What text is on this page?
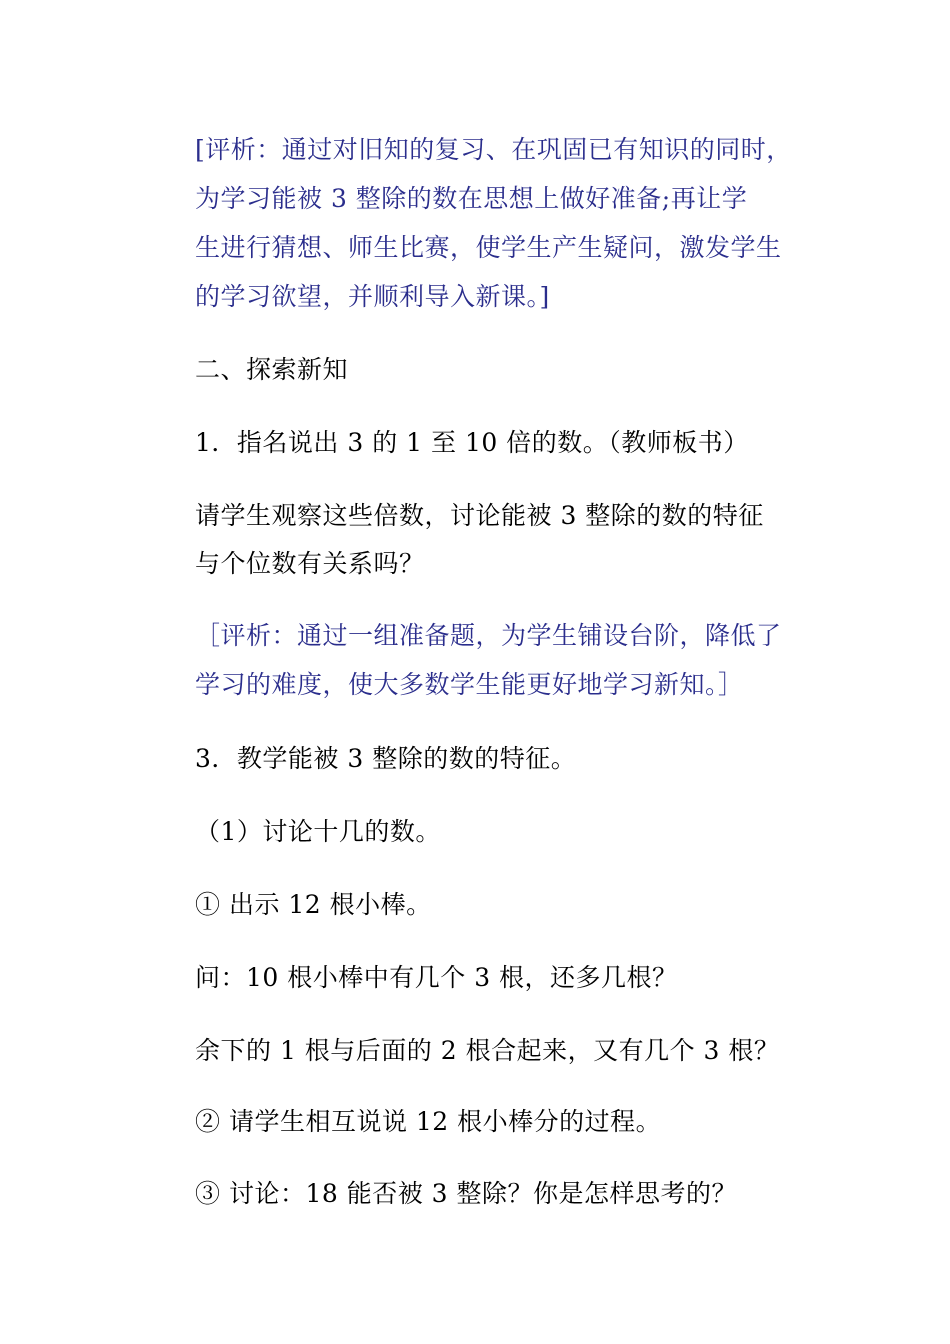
[评析：通过对旧知的复习、在巩固已有知识的同时，
为学习能被 3 整除的数在思想上做好准备;再让学
生进行猜想、师生比赛，使学生产生疑问，激发学生
的学习欲望，并顺利导入新课。]
二、探索新知
1．指名说出 3 的 1 至 10 倍的数。（教师板书）
请学生观察这些倍数，讨论能被 3 整除的数的特征
与个位数有关系吗？
［评析：通过一组准备题，为学生铺设台阶，降低了
学习的难度，使大多数学生能更好地学习新知。］
3．教学能被 3 整除的数的特征。
（1）讨论十几的数。
① 出示 12 根小棒。
问：10 根小棒中有几个 3 根，还多几根？
余下的 1 根与后面的 2 根合起来，又有几个 3 根？
② 请学生相互说说 12 根小棒分的过程。
③ 讨论：18 能否被 3 整除？你是怎样思考的？
